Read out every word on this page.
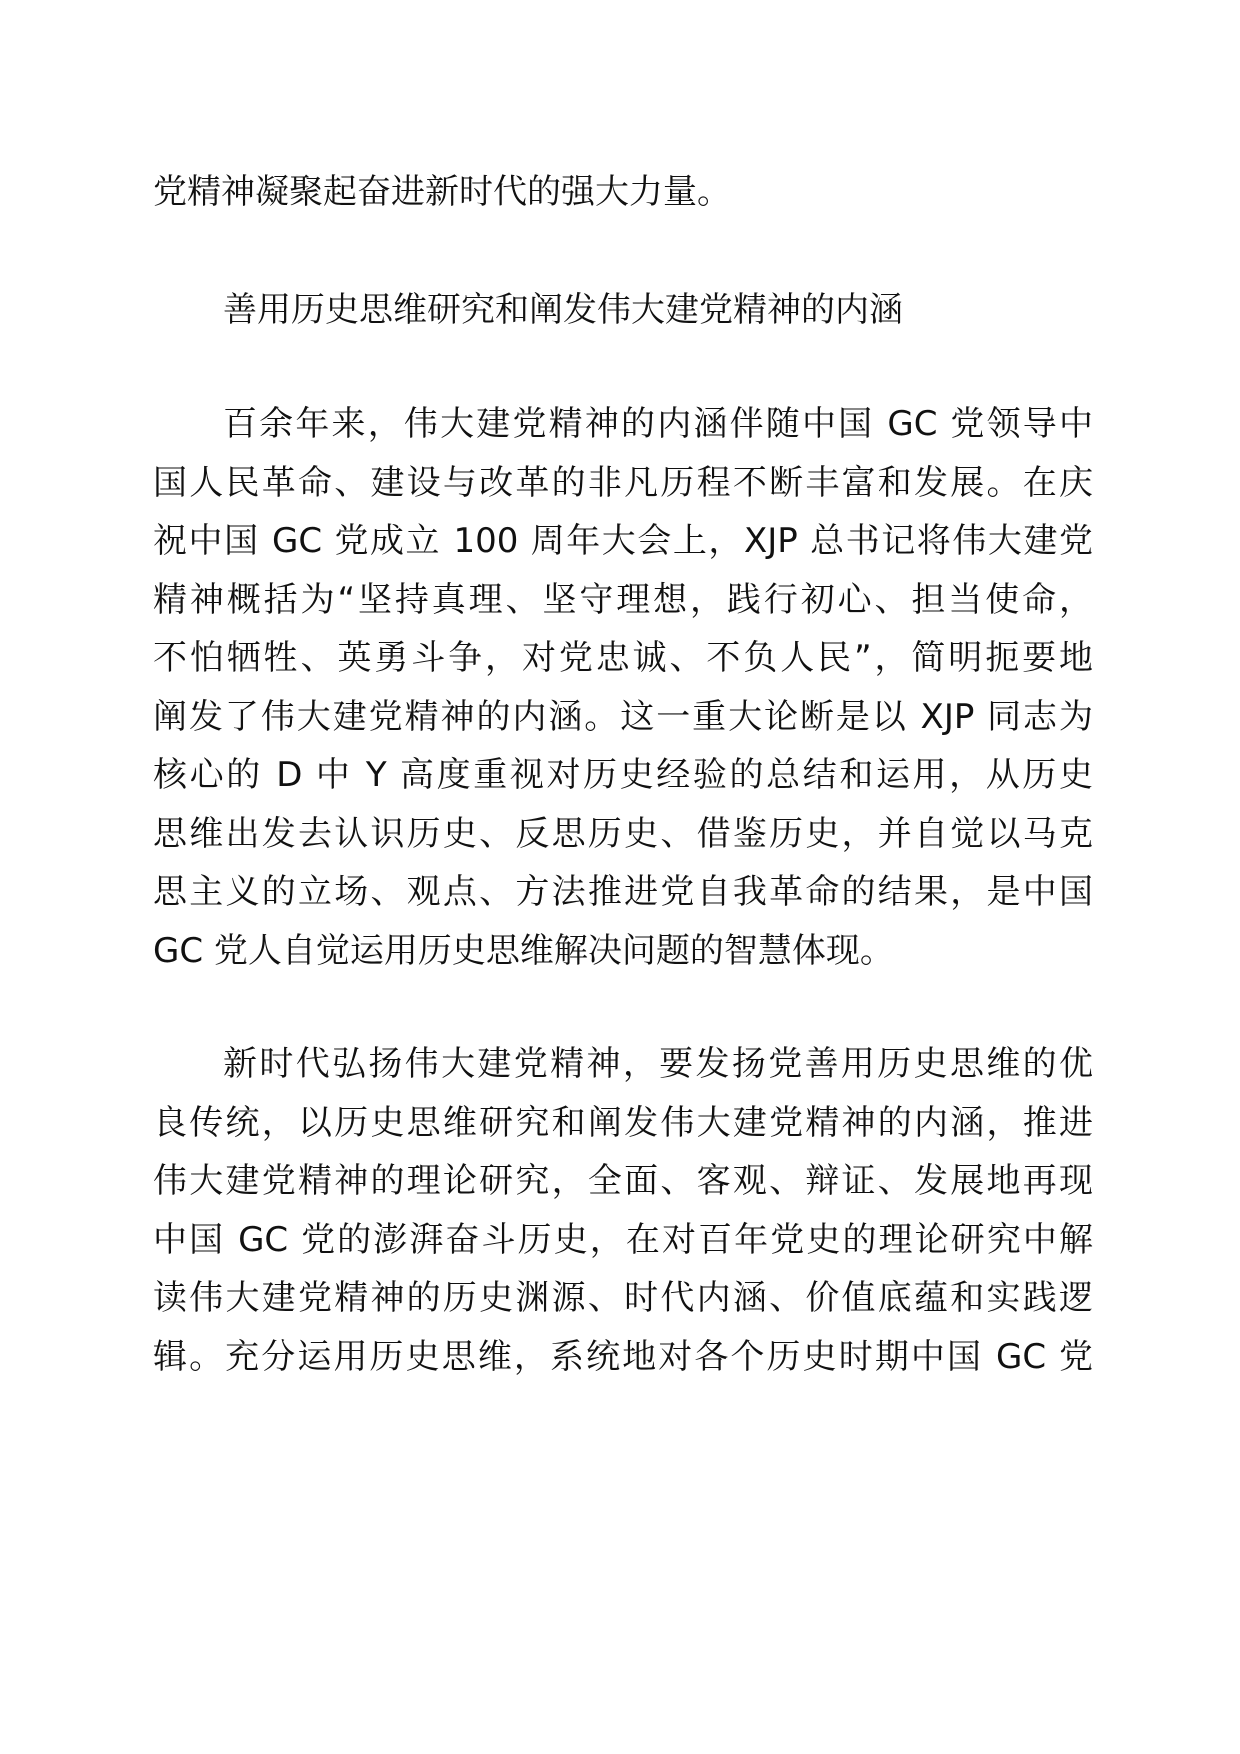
党精神凝聚起奋进新时代的强大力量。
善用历史思维研究和阐发伟大建党精神的内涵
百余年来，伟大建党精神的内涵伴随中国 GC 党领导中
国人民革命、建设与改革的非凡历程不断丰富和发展。在庆
祝中国 GC 党成立 100 周年大会上，XJP 总书记将伟大建党
精神概括为“坚持真理、坚守理想，践行初心、担当使命，
不怕牺牲、英勇斗争，对党忠诚、不负人民”，简明扼要地
阐发了伟大建党精神的内涵。这一重大论断是以 XJP 同志为
核心的 D 中 Y 高度重视对历史经验的总结和运用，从历史
思维出发去认识历史、反思历史、借鉴历史，并自觉以马克
思主义的立场、观点、方法推进党自我革命的结果，是中国
GC 党人自觉运用历史思维解决问题的智慧体现。
新时代弘扬伟大建党精神，要发扬党善用历史思维的优
良传统，以历史思维研究和阐发伟大建党精神的内涵，推进
伟大建党精神的理论研究，全面、客观、辩证、发展地再现
中国 GC 党的澎湃奋斗历史，在对百年党史的理论研究中解
读伟大建党精神的历史渊源、时代内涵、价值底蕴和实践逻
辑。充分运用历史思维，系统地对各个历史时期中国 GC 党
